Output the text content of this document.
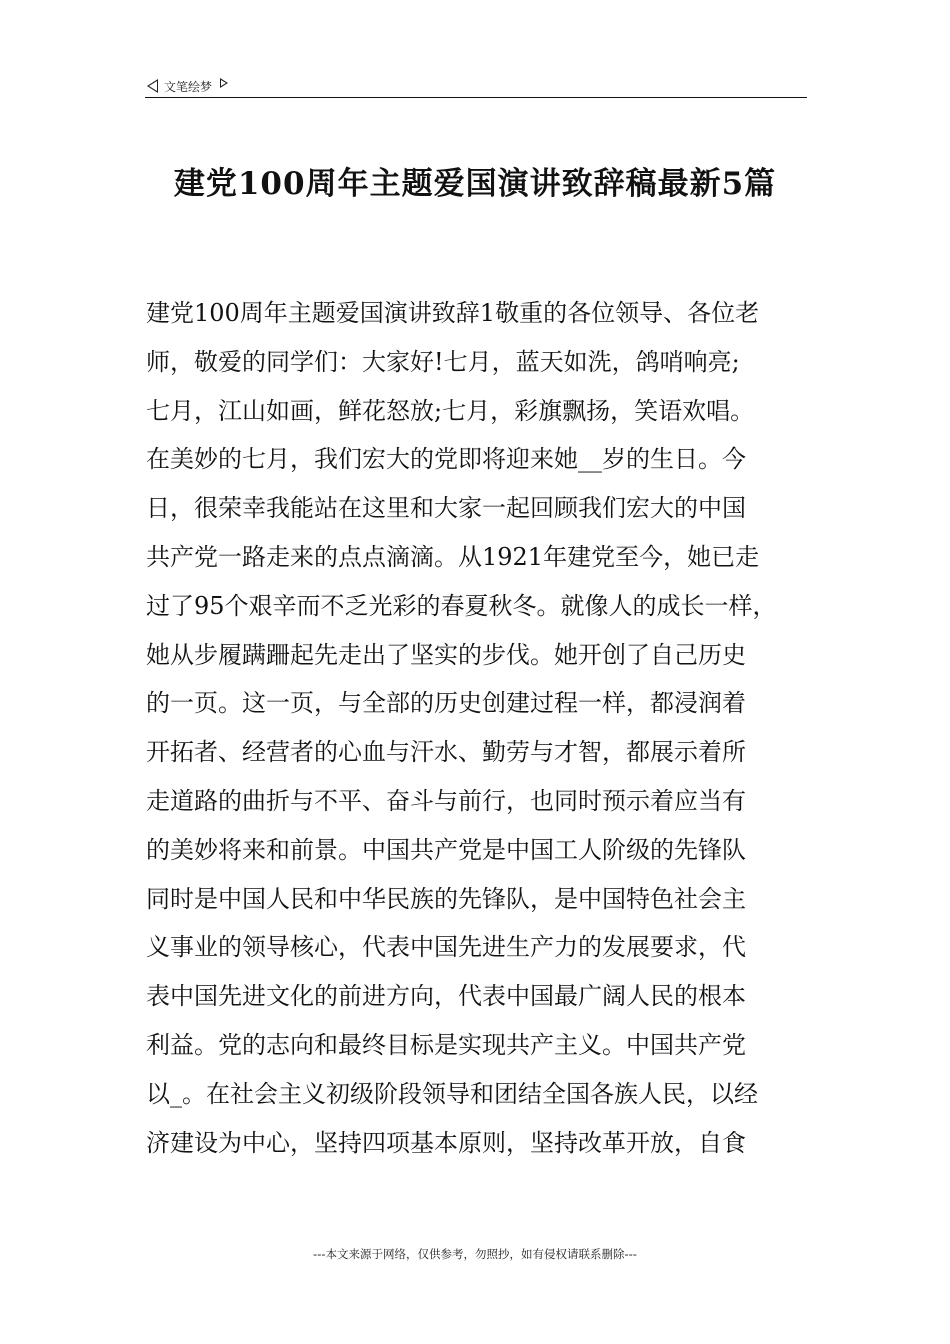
文笔绘梦
建党100周年主题爱国演讲致辞稿最新5篇
建党100周年主题爱国演讲致辞1敬重的各位领导、各位老
师，敬爱的同学们：大家好!七月，蓝天如洗，鸽哨响亮;
七月，江山如画，鲜花怒放;七月，彩旗飘扬，笑语欢唱。
在美妙的七月，我们宏大的党即将迎来她__岁的生日。今
日，很荣幸我能站在这里和大家一起回顾我们宏大的中国
共产党一路走来的点点滴滴。从1921年建党至今，她已走
过了95个艰辛而不乏光彩的春夏秋冬。就像人的成长一样，
她从步履蹒跚起先走出了坚实的步伐。她开创了自己历史
的一页。这一页，与全部的历史创建过程一样，都浸润着
开拓者、经营者的心血与汗水、勤劳与才智，都展示着所
走道路的曲折与不平、奋斗与前行，也同时预示着应当有
的美妙将来和前景。中国共产党是中国工人阶级的先锋队
同时是中国人民和中华民族的先锋队，是中国特色社会主
义事业的领导核心，代表中国先进生产力的发展要求，代
表中国先进文化的前进方向，代表中国最广阔人民的根本
利益。党的志向和最终目标是实现共产主义。中国共产党
以_。在社会主义初级阶段领导和团结全国各族人民，以经
济建设为中心，坚持四项基本原则，坚持改革开放，自食
---本文来源于网络，仅供参考，勿照抄，如有侵权请联系删除---
